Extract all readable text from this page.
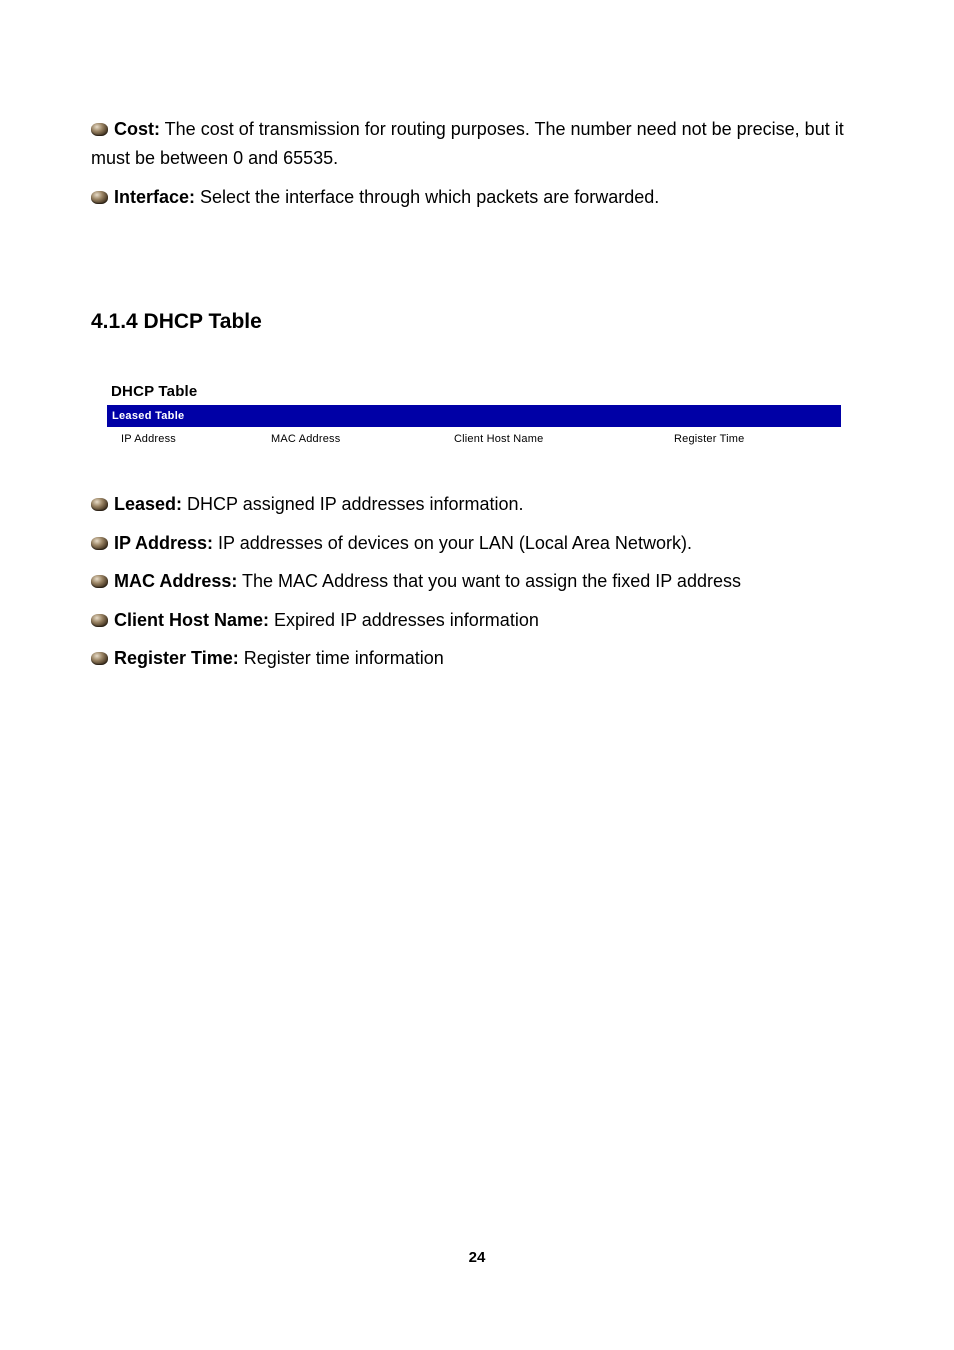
Cost: The cost of transmission for routing purposes. The number need not be precise, but it must be between 0 and 65535.
Interface: Select the interface through which packets are forwarded.
4.1.4 DHCP Table
DHCP Table
Leased Table
IP Address	MAC Address	Client Host Name	Register Time
Leased: DHCP assigned IP addresses information.
IP Address: IP addresses of devices on your LAN (Local Area Network).
MAC Address: The MAC Address that you want to assign the fixed IP address
Client Host Name: Expired IP addresses information
Register Time: Register time information
24
